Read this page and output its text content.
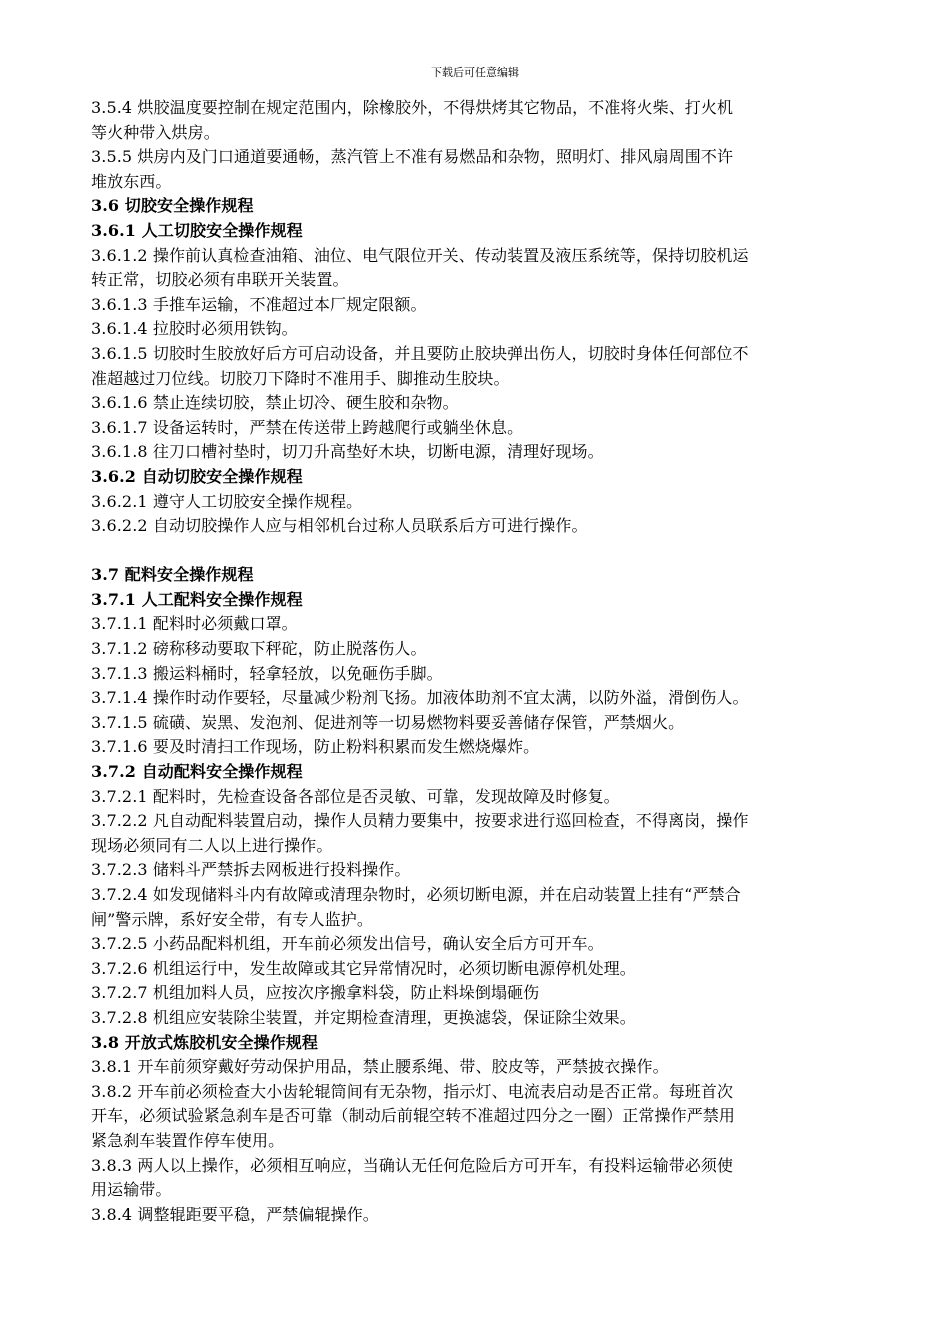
下载后可任意编辑

3.5.4 烘胶温度要控制在规定范围内，除橡胶外，不得烘烤其它物品，不准将火柴、打火机

等火种带入烘房。

3.5.5 烘房内及门口通道要通畅，蒸汽管上不准有易燃品和杂物，照明灯、排风扇周围不许

堆放东西。

3.6 切胶安全操作规程

3.6.1 人工切胶安全操作规程

3.6.1.2 操作前认真检查油箱、油位、电气限位开关、传动装置及液压系统等，保持切胶机运

转正常，切胶必须有串联开关装置。

3.6.1.3 手推车运输，不准超过本厂规定限额。

3.6.1.4 拉胶时必须用铁钩。

3.6.1.5 切胶时生胶放好后方可启动设备，并且要防止胶块弹出伤人，切胶时身体任何部位不

准超越过刀位线。切胶刀下降时不准用手、脚推动生胶块。

3.6.1.6 禁止连续切胶，禁止切冷、硬生胶和杂物。

3.6.1.7 设备运转时，严禁在传送带上跨越爬行或躺坐休息。

3.6.1.8 往刀口槽衬垫时，切刀升高垫好木块，切断电源，清理好现场。

3.6.2 自动切胶安全操作规程

3.6.2.1 遵守人工切胶安全操作规程。

3.6.2.2 自动切胶操作人应与相邻机台过称人员联系后方可进行操作。

3.7 配料安全操作规程

3.7.1 人工配料安全操作规程

3.7.1.1 配料时必须戴口罩。

3.7.1.2 磅称移动要取下秤砣，防止脱落伤人。

3.7.1.3 搬运料桶时，轻拿轻放，以免砸伤手脚。

3.7.1.4 操作时动作要轻，尽量减少粉剂飞扬。加液体助剂不宜太满，以防外溢，滑倒伤人。

3.7.1.5 硫磺、炭黑、发泡剂、促进剂等一切易燃物料要妥善储存保管，严禁烟火。

3.7.1.6 要及时清扫工作现场，防止粉料积累而发生燃烧爆炸。

3.7.2 自动配料安全操作规程

3.7.2.1 配料时，先检查设备各部位是否灵敏、可靠，发现故障及时修复。

3.7.2.2 凡自动配料装置启动，操作人员精力要集中，按要求进行巡回检查，不得离岗，操作

现场必须同有二人以上进行操作。

3.7.2.3 储料斗严禁拆去网板进行投料操作。

3.7.2.4 如发现储料斗内有故障或清理杂物时，必须切断电源，并在启动装置上挂有“严禁合

闸”警示牌，系好安全带，有专人监护。

3.7.2.5 小药品配料机组，开车前必须发出信号，确认安全后方可开车。

3.7.2.6 机组运行中，发生故障或其它异常情况时，必须切断电源停机处理。

3.7.2.7 机组加料人员，应按次序搬拿料袋，防止料垛倒塌砸伤

3.7.2.8 机组应安装除尘装置，并定期检查清理，更换滤袋，保证除尘效果。

3.8 开放式炼胶机安全操作规程

3.8.1 开车前须穿戴好劳动保护用品，禁止腰系绳、带、胶皮等，严禁披衣操作。

3.8.2 开车前必须检查大小齿轮辊筒间有无杂物，指示灯、电流表启动是否正常。每班首次

开车，必须试验紧急刹车是否可靠（制动后前辊空转不准超过四分之一圈）正常操作严禁用

紧急刹车装置作停车使用。

3.8.3 两人以上操作，必须相互响应，当确认无任何危险后方可开车，有投料运输带必须使

用运输带。

3.8.4 调整辊距要平稳，严禁偏辊操作。
